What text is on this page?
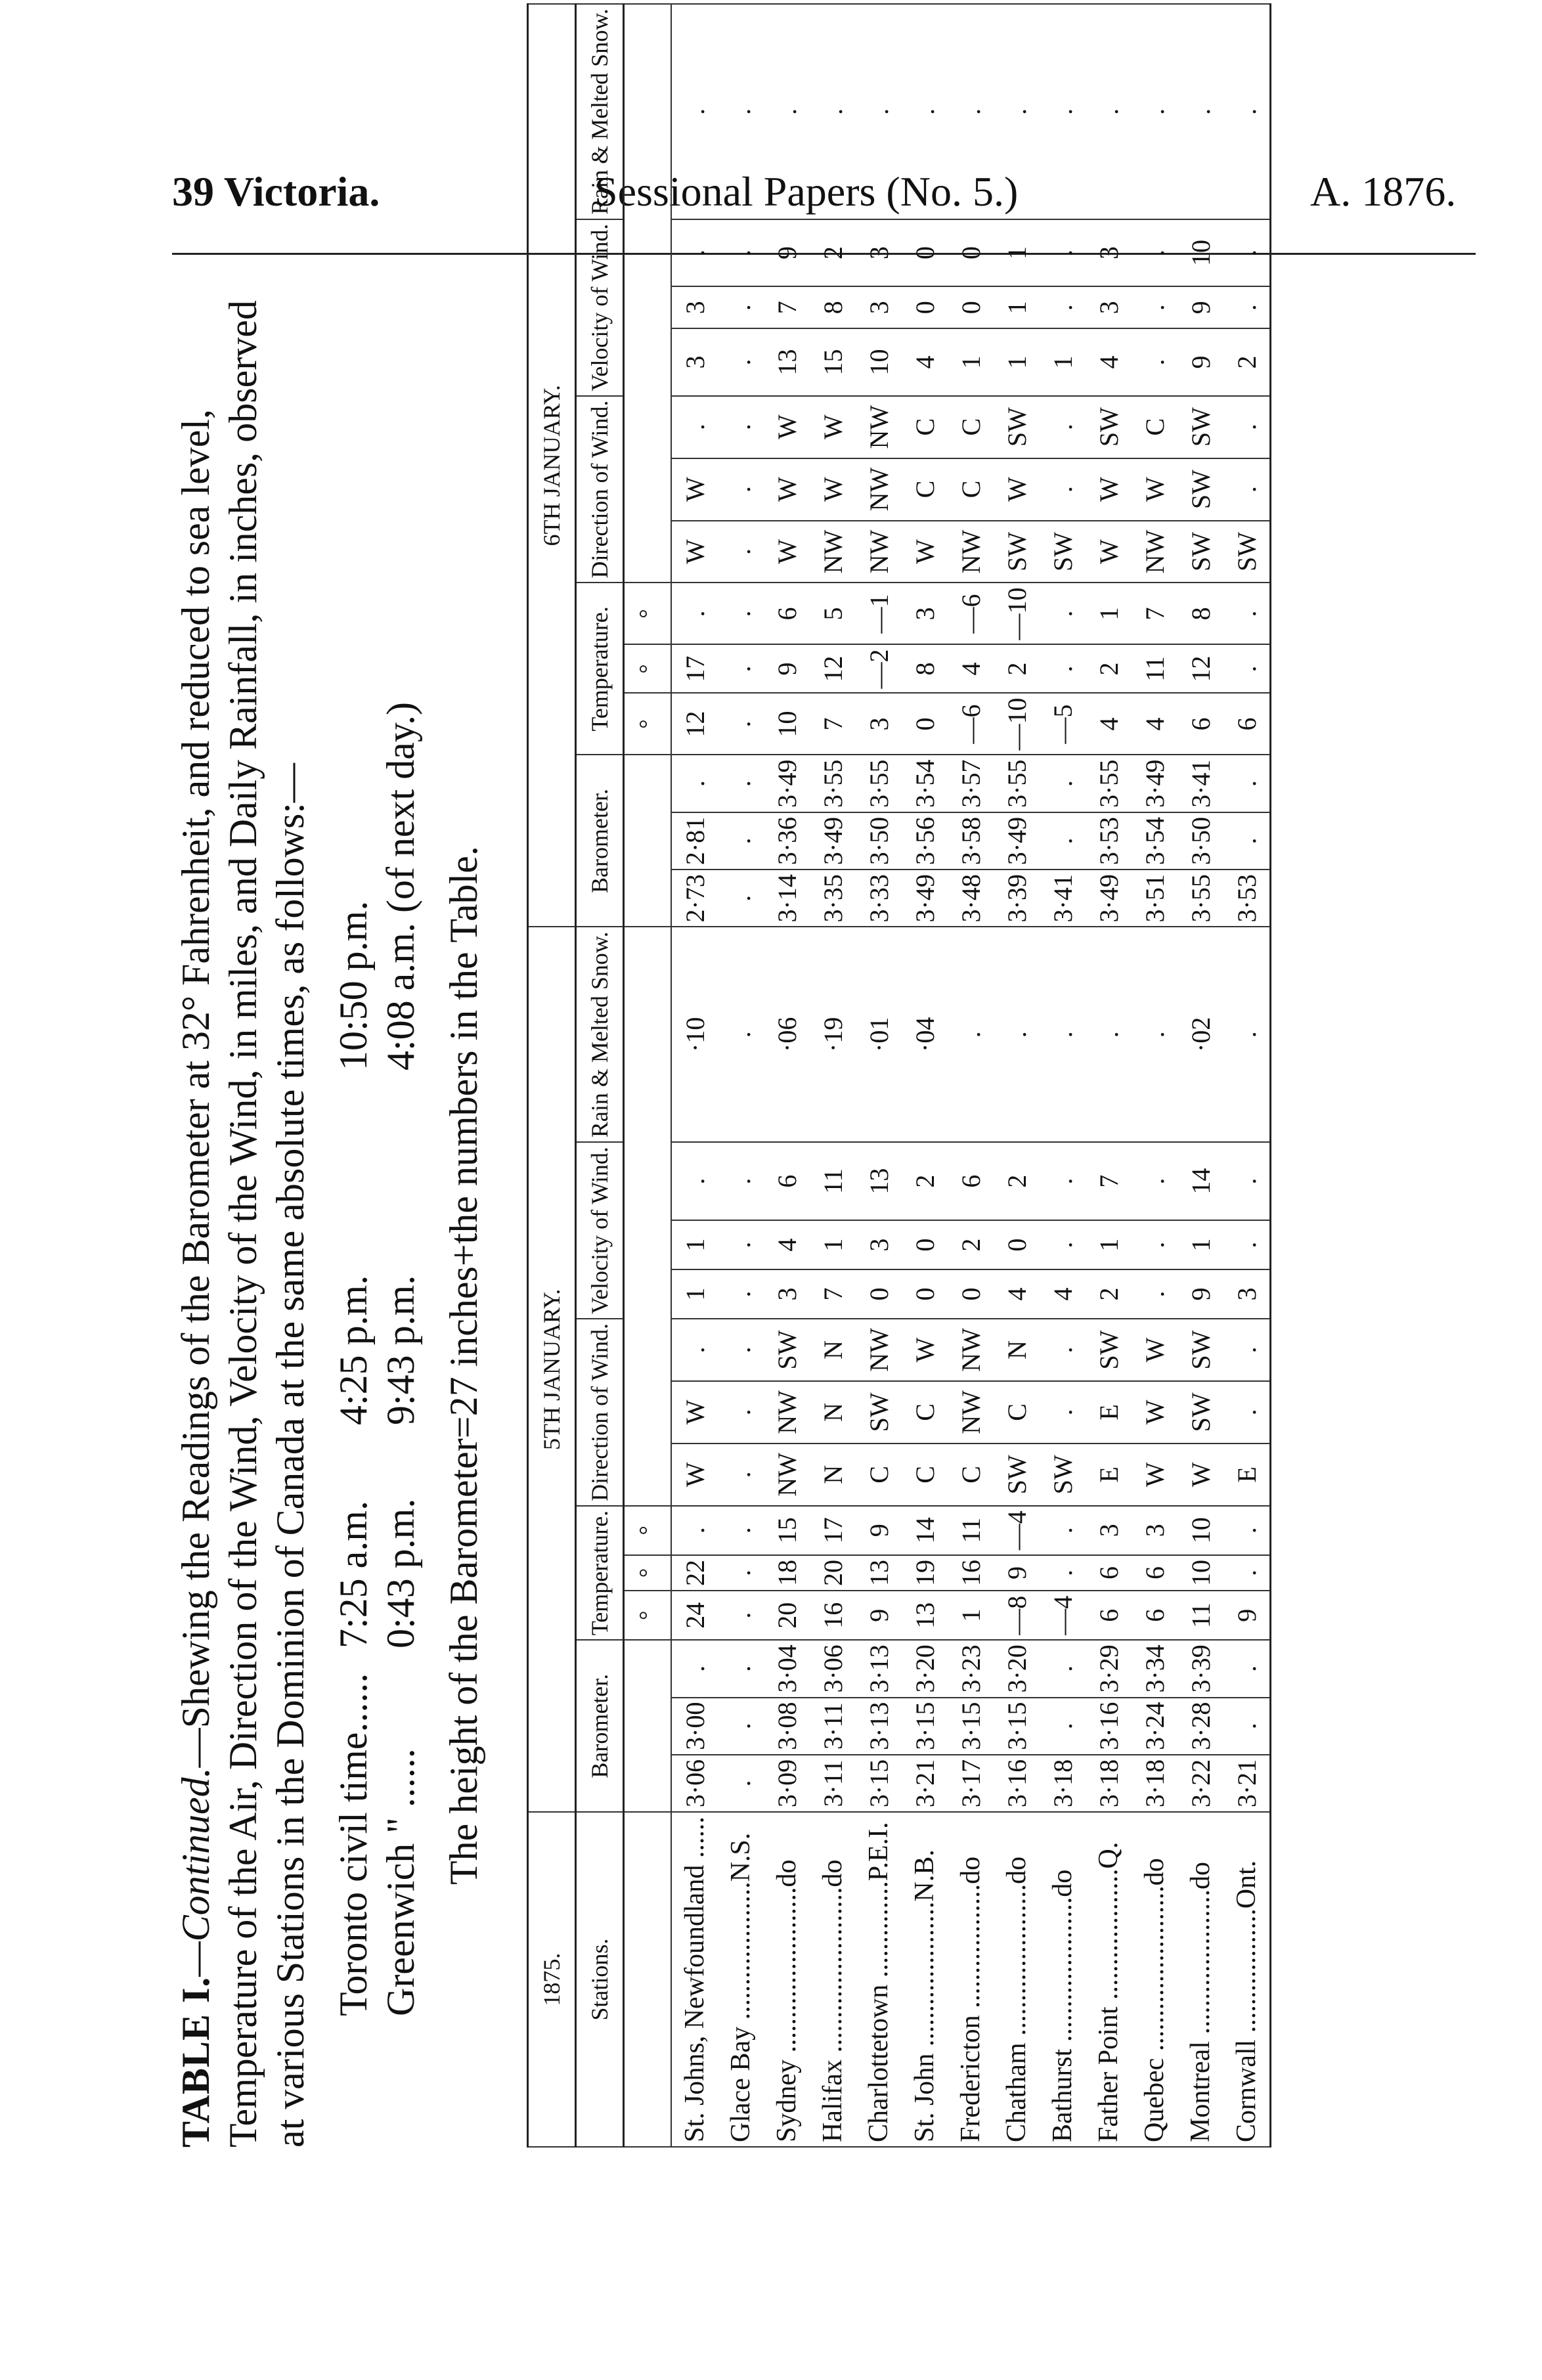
39 Victoria.	Sessional Papers (No. 5.)	A. 1876.
TABLE I.—Continued.—Shewing the Readings of the Barometer at 32° Fahrenheit, and reduced to sea level, Temperature of the Air, Direction of the Wind, Velocity of the Wind, in miles, and Daily Rainfall, in inches, observed at various Stations in the Dominion of Canada at the same absolute times, as follows:— Toronto civil time...... Greenwich " ......
7:25 a.m. 0:43 p.m.
4:25 p.m. 9:43 p.m.
10:50 p.m. 4:08 a.m. (of next day.) The height of the Barometer=27 inches+the numbers in the Table.
1875.	5TH JANUARY.													6TH JANUARY.												
Stations.	Barometer.			Temperature.			Direction of Wind.			Velocity of Wind.			Rain & Melted Snow.	Barometer.			Temperature.			Direction of Wind.			Velocity of Wind.			Rain & Melted Snow.
				°	°	°											°	°	°							
St. Johns, Newfoundland ......	3·06	3·00	.	24	22	.	W	W	.	1	1	.	·10	2·73	2·81	.	12	17	.	W	W	.	3	3	.	.
Glace Bay ....................N.S.	.	.	.	.	.	.	.	.	.	.	.	.	.	.	.	.	.	.	.	.	.	.	.	.	.	.
Sydney ........................do	3·09	3·08	3·04	20	18	15	NW	NW	SW	3	4	6	·06	3·14	3·36	3·49	10	9	6	W	W	W	13	7	9	.
Halifax ........................do	3·11	3·11	3·06	16	20	17	N	N	N	7	1	11	·19	3·35	3·49	3·55	7	12	5	NW	W	W	15	8	2	.
Charlottetown ..............P.E.I.	3·15	3·13	3·13	9	13	9	C	SW	NW	0	3	13	·01	3·33	3·50	3·55	3	—2	—1	NW	NW	NW	10	3	3	.
St. John .....................N.B.	3·21	3·15	3·20	13	19	14	C	C	W	0	0	2	·04	3·49	3·56	3·54	0	8	3	W	C	C	4	0	0	.
Fredericton ..................do	3·17	3·15	3·23	1	16	11	C	NW	NW	0	2	6	.	3·48	3·58	3·57	—6	4	—6	NW	C	C	1	0	0	.
Chatham ......................do	3·16	3·15	3·20	—8	9	—4	SW	C	N	4	0	2	.	3·39	3·49	3·55	—10	2	—10	SW	W	SW	1	1	1	.
Bathurst .....................do	3·18	.	.	—4	.	.	SW	.	.	4	.	.	.	3·41	.	.	—5	.	.	SW	.	.	1	.	.	.
Father Point ...................Q.	3·18	3·16	3·29	6	6	3	E	E	SW	2	1	7	.	3·49	3·53	3·55	4	2	1	W	W	SW	4	3	3	.
Quebec ........................do	3·18	3·24	3·34	6	6	3	W	W	W	.	.	.	.	3·51	3·54	3·49	4	11	7	NW	W	C	.	.	.	.
Montreal .....................do	3·22	3·28	3·39	11	10	10	W	SW	SW	9	1	14	·02	3·55	3·50	3·41	6	12	8	SW	SW	SW	9	9	10	.
Cornwall ..................Ont.	3·21	.	.	9	.	.	E	.	.	3	.	.	.	3·53	.	.	6	.	.	SW	.	.	2	.	.	.
